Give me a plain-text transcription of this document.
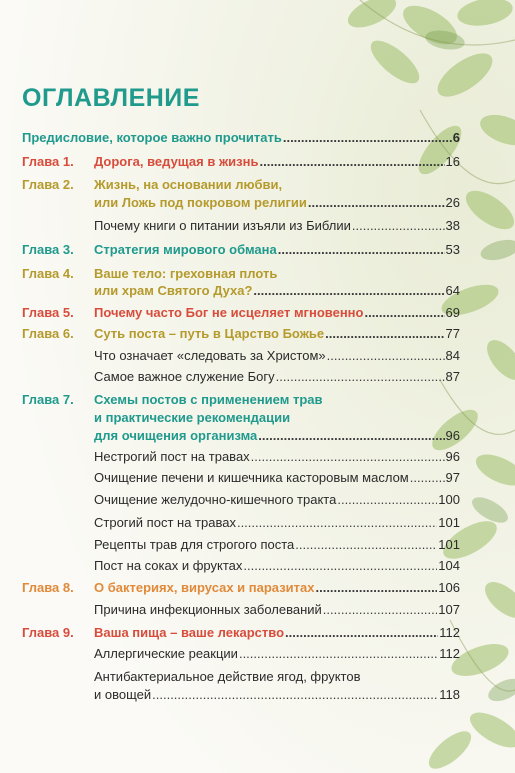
ОГЛАВЛЕНИЕ
Предисловие, которое важно прочитать .....	6
Глава 1. Дорога, ведущая в жизнь .....	16
Глава 2. Жизнь, на основании любви,
или Ложь под покровом религии .....	26
Почему книги о питании изъяли из Библии .....	38
Глава 3. Стратегия мирового обмана .....	53
Глава 4. Ваше тело: греховная плоть
или храм Святого Духа? .....	64
Глава 5. Почему часто Бог не исцеляет мгновенно .....	69
Глава 6. Суть поста – путь в Царство Божье .....	77
Что означает «следовать за Христом» .....	84
Самое важное служение Богу .....	87
Глава 7. Схемы постов с применением трав
и практические рекомендации
для очищения организма .....	96
Нестрогий пост на травах .....	96
Очищение печени и кишечника касторовым маслом .....	97
Очищение желудочно-кишечного тракта .....	100
Строгий пост на травах .....	101
Рецепты трав для строгого поста .....	101
Пост на соках и фруктах .....	104
Глава 8. О бактериях, вирусах и паразитах .....	106
Причина инфекционных заболеваний .....	107
Глава 9. Ваша пища – ваше лекарство .....	112
Аллергические реакции .....	112
Антибактериальное действие ягод, фруктов
и овощей .....	118
